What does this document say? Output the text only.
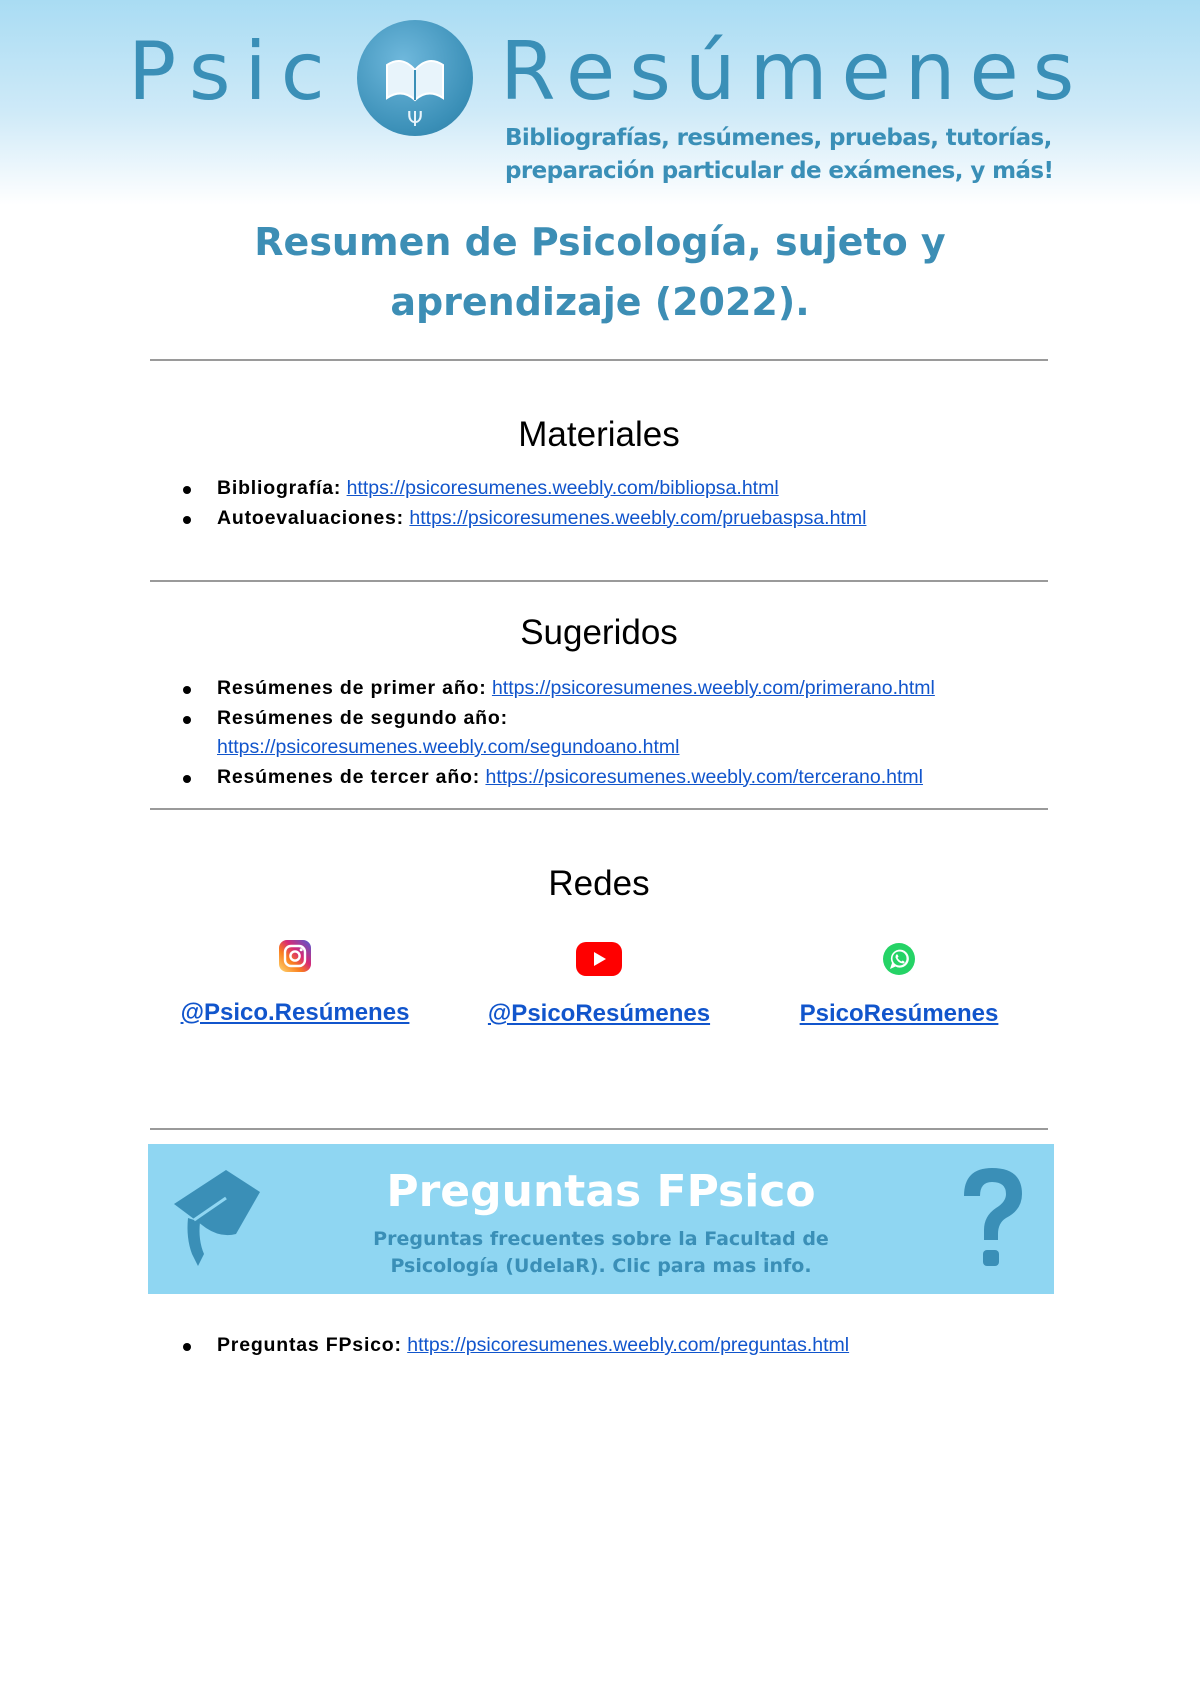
Psic
Ψ
Resúmenes
Bibliografías, resúmenes, pruebas, tutorías,
preparación particular de exámenes, y más!
Resumen de Psicología, sujeto y
aprendizaje (2022).
Materiales
Bibliografía: https://psicoresumenes.weebly.com/bibliopsa.html
Autoevaluaciones: https://psicoresumenes.weebly.com/pruebaspsa.html
Sugeridos
Resúmenes de primer año: https://psicoresumenes.weebly.com/primerano.html
Resúmenes de segundo año:
https://psicoresumenes.weebly.com/segundoano.html
Resúmenes de tercer año: https://psicoresumenes.weebly.com/tercerano.html
Redes
@Psico.Resúmenes	@PsicoResúmenes	PsicoResúmenes
Preguntas FPsico
Preguntas frecuentes sobre la Facultad de
Psicología (UdelaR). Clic para mas info.
Preguntas FPsico: https://psicoresumenes.weebly.com/preguntas.html
